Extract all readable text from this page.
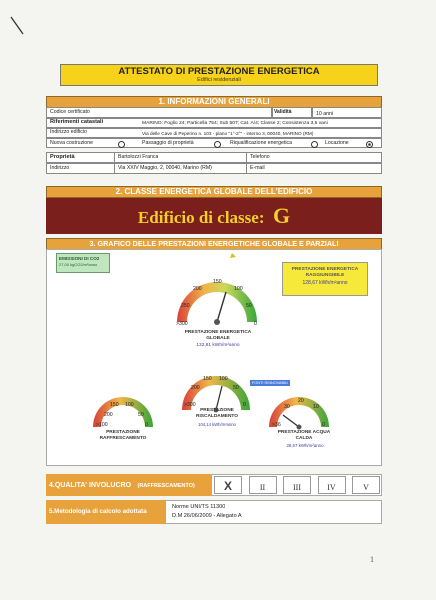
ATTESTATO DI PRESTAZIONE ENERGETICA
Edifici residenziali
1. INFORMAZIONI GENERALI
Codice certificato	Validità	10 anni
Riferimenti catastali	MARINO: Foglio 24; Particella 754; Sub 507; Cat. A/4; Classe 2; Consistenza 3,5 vani
Indirizzo edificio	Via delle Cave di Peperino n. 103 - piano "1°-2°" - interno 3, 00040, MARINO (RM)
Nuova costruzione	Passaggio di proprietà	Riqualificazione energetica	Locazione
Proprietà	Bartolozzi Franca	Telefono
Indirizzo	Via XXIV Maggio, 2, 00040, Marino (RM)	E-mail
2. CLASSE ENERGETICA GLOBALE DELL'EDIFICIO
Edificio di classe: G
3. GRAFICO DELLE PRESTAZIONI ENERGETICHE GLOBALE E PARZIALI
EMISSIONI DI CO2
27,00 kgCO2/m²anno
PRESTAZIONE ENERGETICA RAGGIUNGIBILE
128,67 kWh/m²anno
>300
250
200
150
100
50
0
PRESTAZIONE ENERGETICA GLOBALE
132,81 kWh/m²anno
>100
200
150 100
50
0
PRESTAZIONE RAFFRESCAMENTO
FONTI RINNOVABILI
>300
200
150 100
50
0
PRESTAZIONE RISCALDAMENTO
104,14 kWh/m²anno	>36
30
20
10
0
PRESTAZIONE ACQUA CALDA
28,67 kWh/m²anno
4.QUALITA' INVOLUCRO (RAFFRESCAMENTO)	X	II	III	IV	V
5.Metodologia di calcolo adottata
Norme UNI/TS 11300
D.M 26/06/2009 - Allegato A
1
